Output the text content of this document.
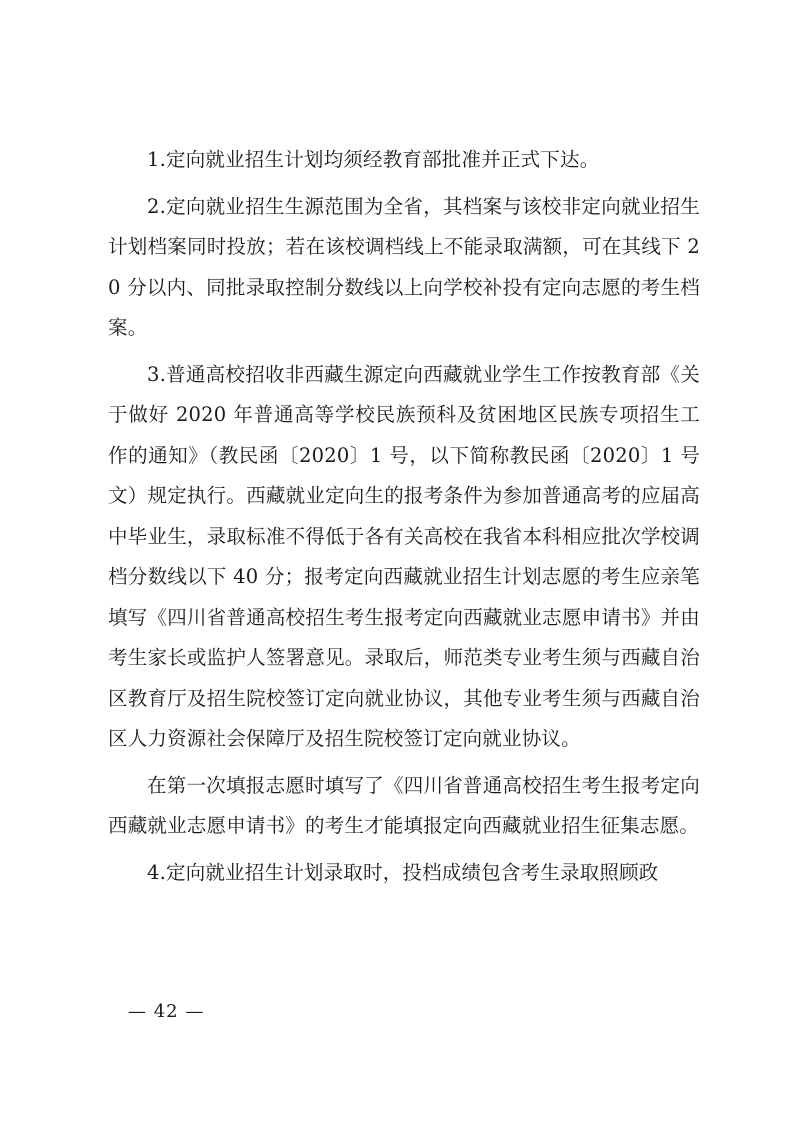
1.定向就业招生计划均须经教育部批准并正式下达。

2.定向就业招生生源范围为全省，其档案与该校非定向就业招生计划档案同时投放；若在该校调档线上不能录取满额，可在其线下 20 分以内、同批录取控制分数线以上向学校补投有定向志愿的考生档案。

3.普通高校招收非西藏生源定向西藏就业学生工作按教育部《关于做好 2020 年普通高等学校民族预科及贫困地区民族专项招生工作的通知》（教民函〔2020〕1 号，以下简称教民函〔2020〕1 号文）规定执行。西藏就业定向生的报考条件为参加普通高考的应届高中毕业生，录取标准不得低于各有关高校在我省本科相应批次学校调档分数线以下 40 分；报考定向西藏就业招生计划志愿的考生应亲笔填写《四川省普通高校招生考生报考定向西藏就业志愿申请书》并由考生家长或监护人签署意见。录取后，师范类专业考生须与西藏自治区教育厅及招生院校签订定向就业协议，其他专业考生须与西藏自治区人力资源社会保障厅及招生院校签订定向就业协议。

在第一次填报志愿时填写了《四川省普通高校招生考生报考定向西藏就业志愿申请书》的考生才能填报定向西藏就业招生征集志愿。

4.定向就业招生计划录取时，投档成绩包含考生录取照顾政

— 42 —
